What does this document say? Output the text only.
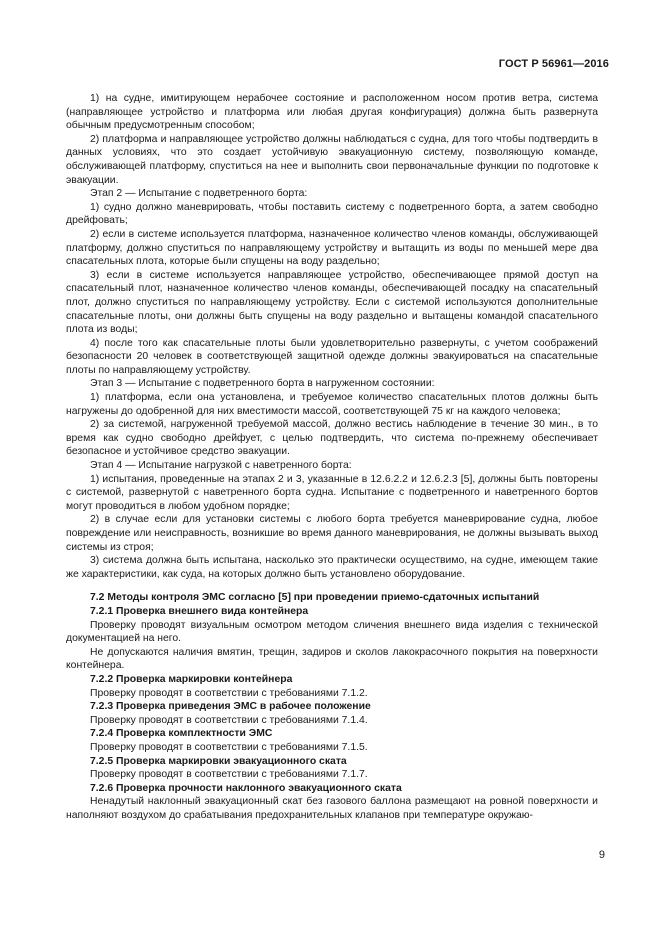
ГОСТ Р 56961—2016

1) на судне, имитирующем нерабочее состояние и расположенном носом против ветра, система (направляющее устройство и платформа или любая другая конфигурация) должна быть развернута обычным предусмотренным способом;

2) платформа и направляющее устройство должны наблюдаться с судна, для того чтобы подтвердить в данных условиях, что это создает устойчивую эвакуационную систему, позволяющую команде, обслуживающей платформу, спуститься на нее и выполнить свои первоначальные функции по подготовке к эвакуации.

Этап 2 — Испытание с подветренного борта:

1) судно должно маневрировать, чтобы поставить систему с подветренного борта, а затем свободно дрейфовать;

2) если в системе используется платформа, назначенное количество членов команды, обслуживающей платформу, должно спуститься по направляющему устройству и вытащить из воды по меньшей мере два спасательных плота, которые были спущены на воду раздельно;

3) если в системе используется направляющее устройство, обеспечивающее прямой доступ на спасательный плот, назначенное количество членов команды, обеспечивающей посадку на спасательный плот, должно спуститься по направляющему устройству. Если с системой используются дополнительные спасательные плоты, они должны быть спущены на воду раздельно и вытащены командой спасательного плота из воды;

4) после того как спасательные плоты были удовлетворительно развернуты, с учетом соображений безопасности 20 человек в соответствующей защитной одежде должны эвакуироваться на спасательные плоты по направляющему устройству.

Этап 3 — Испытание с подветренного борта в нагруженном состоянии:

1) платформа, если она установлена, и требуемое количество спасательных плотов должны быть нагружены до одобренной для них вместимости массой, соответствующей 75 кг на каждого человека;

2) за системой, нагруженной требуемой массой, должно вестись наблюдение в течение 30 мин., в то время как судно свободно дрейфует, с целью подтвердить, что система по-прежнему обеспечивает безопасное и устойчивое средство эвакуации.

Этап 4 — Испытание нагрузкой с наветренного борта:

1) испытания, проведенные на этапах 2 и 3, указанные в 12.6.2.2 и 12.6.2.3 [5], должны быть повторены с системой, развернутой с наветренного борта судна. Испытание с подветренного и наветренного бортов могут проводиться в любом удобном порядке;

2) в случае если для установки системы с любого борта требуется маневрирование судна, любое повреждение или неисправность, возникшие во время данного маневрирования, не должны вызывать выход системы из строя;

3) система должна быть испытана, насколько это практически осуществимо, на судне, имеющем такие же характеристики, как суда, на которых должно быть установлено оборудование.

7.2 Методы контроля ЭМС согласно [5] при проведении приемо-сдаточных испытаний

7.2.1 Проверка внешнего вида контейнера

Проверку проводят визуальным осмотром методом сличения внешнего вида изделия с технической документацией на него.

Не допускаются наличия вмятин, трещин, задиров и сколов лакокрасочного покрытия на поверхности контейнера.

7.2.2 Проверка маркировки контейнера

Проверку проводят в соответствии с требованиями 7.1.2.

7.2.3 Проверка приведения ЭМС в рабочее положение

Проверку проводят в соответствии с требованиями 7.1.4.

7.2.4 Проверка комплектности ЭМС

Проверку проводят в соответствии с требованиями 7.1.5.

7.2.5 Проверка маркировки эвакуационного ската

Проверку проводят в соответствии с требованиями 7.1.7.

7.2.6 Проверка прочности наклонного эвакуационного ската

Ненадутый наклонный эвакуационный скат без газового баллона размещают на ровной поверхности и наполняют воздухом до срабатывания предохранительных клапанов при температуре окружаю-

9
